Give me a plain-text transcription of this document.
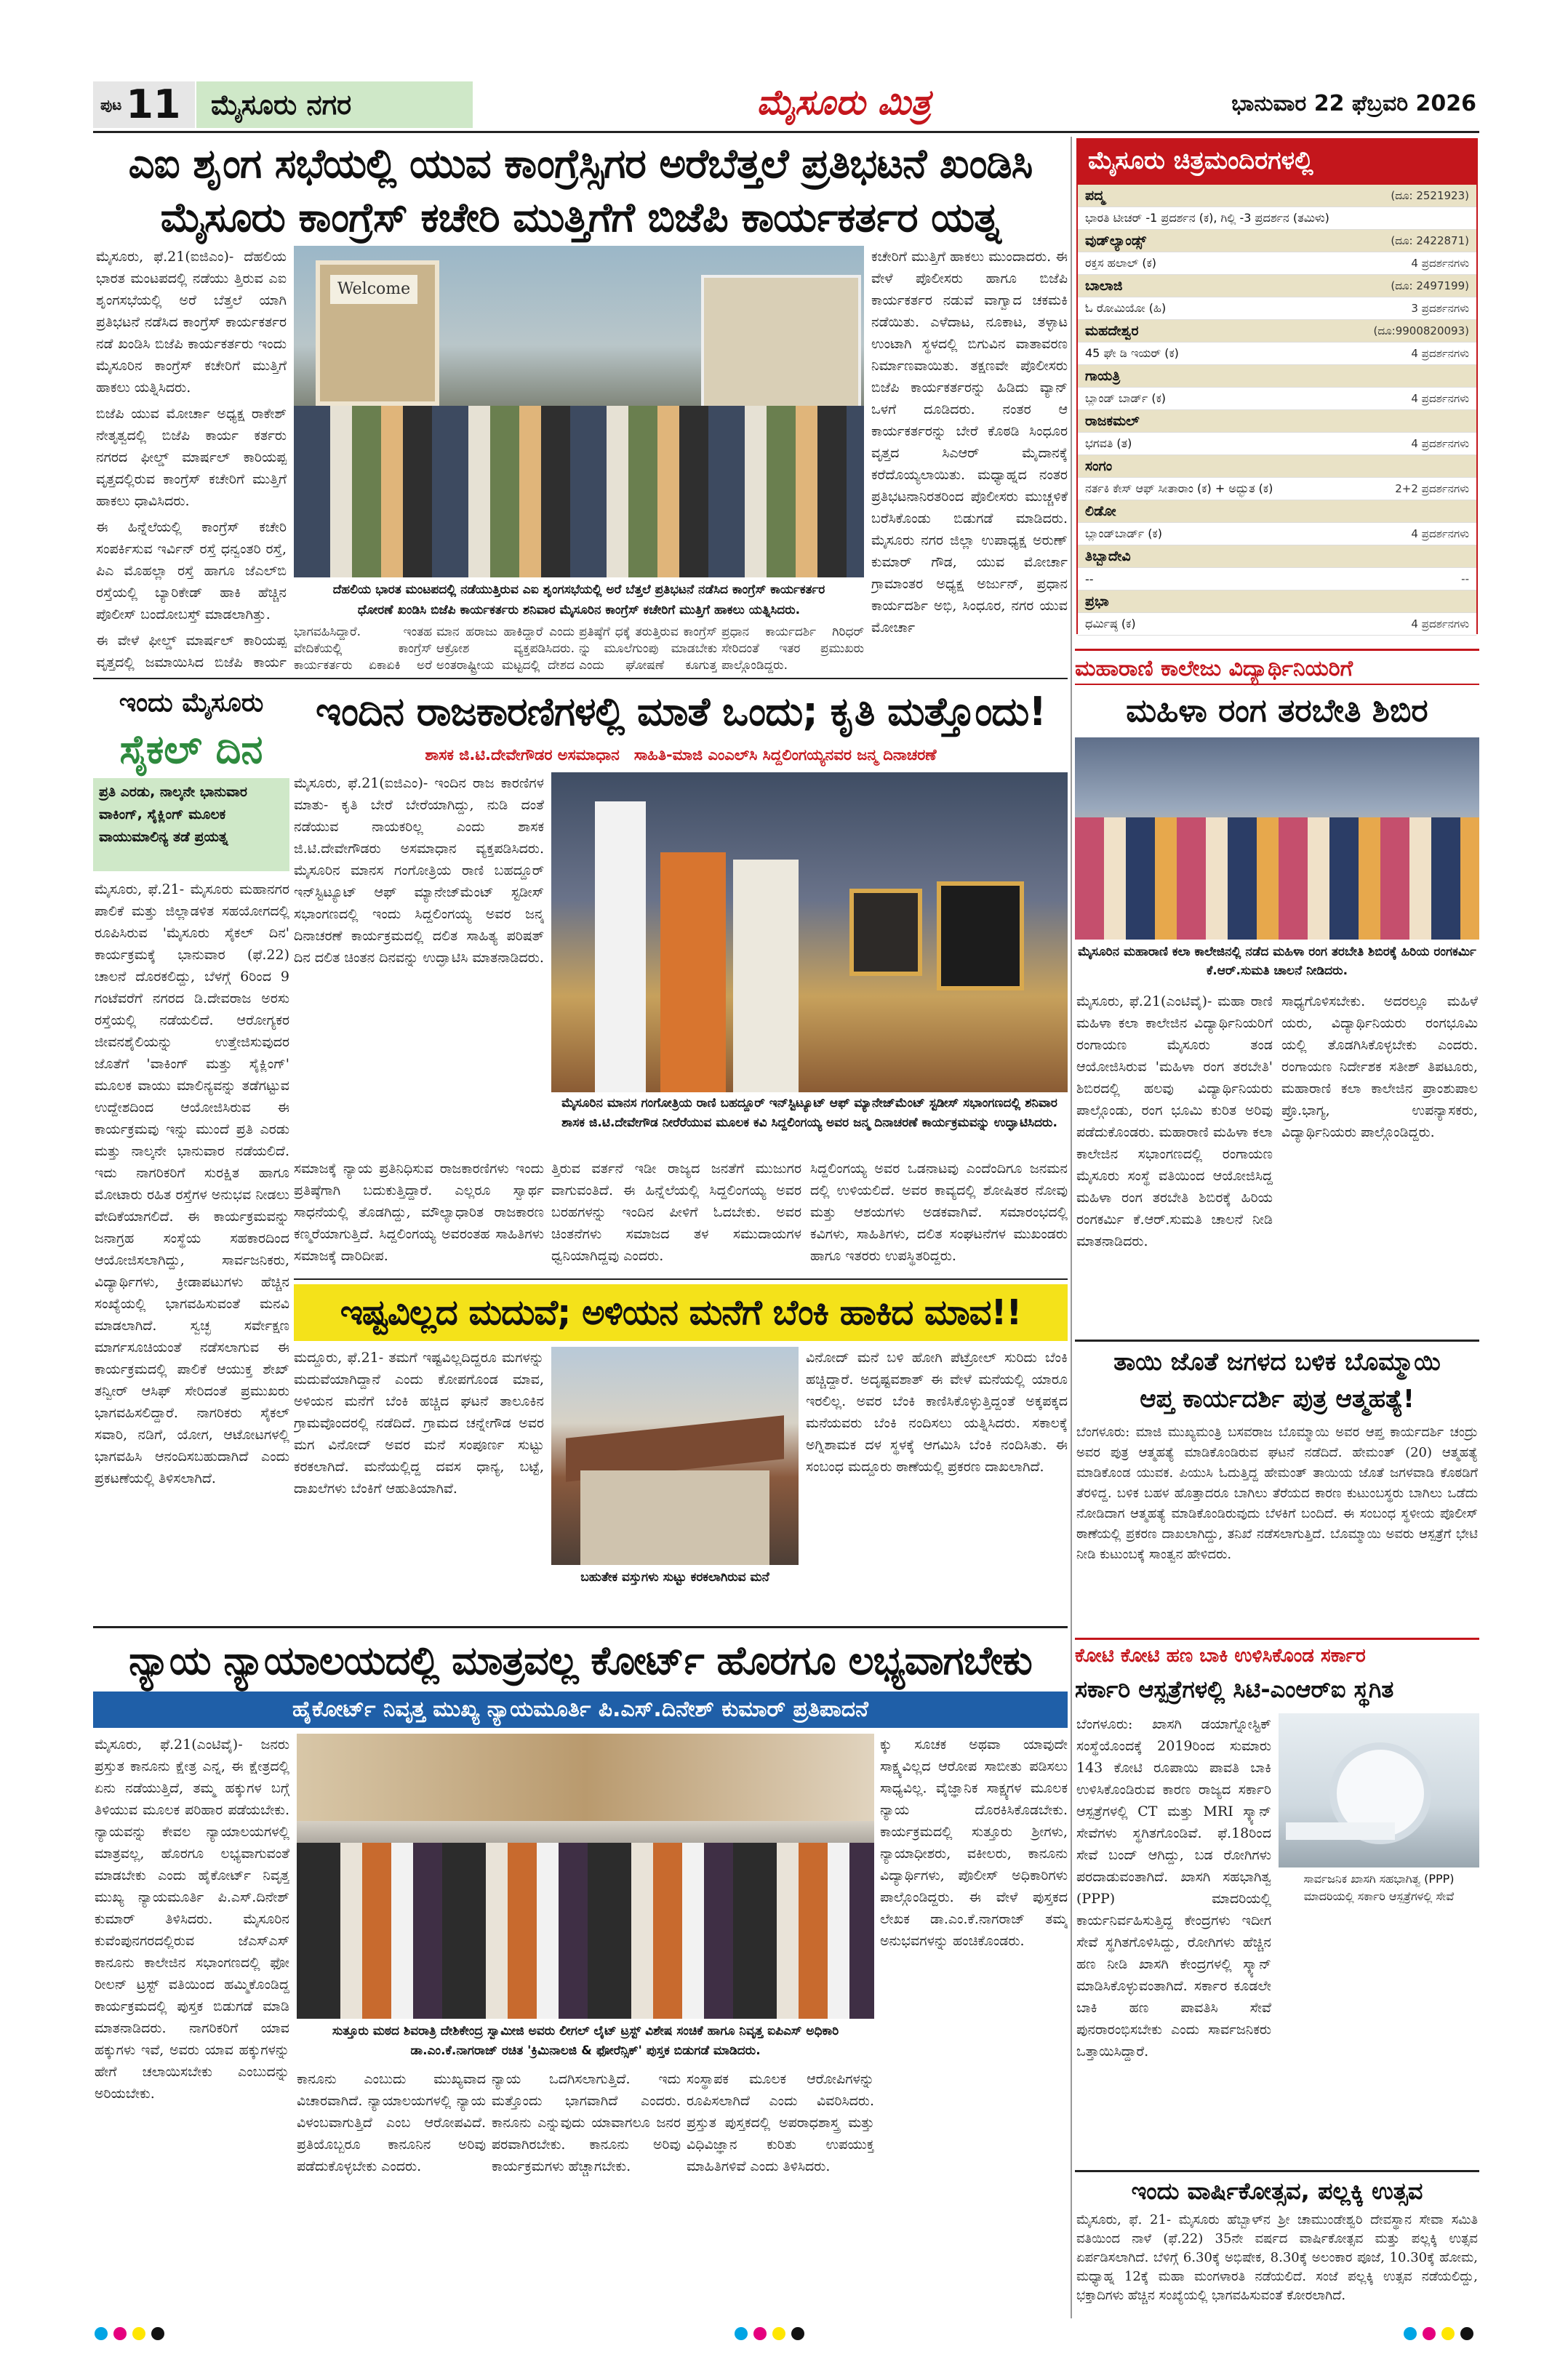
ಪುಟ 11	ಮೈಸೂರು ನಗರ	ಮೈಸೂರು ಮಿತ್ರ	ಭಾನುವಾರ 22 ಫೆಬ್ರವರಿ 2026
ಎಐ ಶೃಂಗ ಸಭೆಯಲ್ಲಿ ಯುವ ಕಾಂಗ್ರೆಸ್ಸಿಗರ ಅರೆಬೆತ್ತಲೆ ಪ್ರತಿಭಟನೆ ಖಂಡಿಸಿ
ಮೈಸೂರು ಕಾಂಗ್ರೆಸ್ ಕಚೇರಿ ಮುತ್ತಿಗೆಗೆ ಬಿಜೆಪಿ ಕಾರ್ಯಕರ್ತರ ಯತ್ನ

ಮೈಸೂರು, ಫೆ.21(ಐಜಿಎಂ)- ದೆಹಲಿಯ ಭಾರತ ಮಂಟಪದಲ್ಲಿ ನಡೆಯು ತ್ತಿರುವ ಎಐ ಶೃಂಗಸಭೆಯಲ್ಲಿ ಅರೆ ಬೆತ್ತಲೆ ಯಾಗಿ ಪ್ರತಿಭಟನೆ ನಡೆಸಿದ ಕಾಂಗ್ರೆಸ್ ಕಾರ್ಯಕರ್ತರ ನಡೆ ಖಂಡಿಸಿ ಬಿಜೆಪಿ ಕಾರ್ಯಕರ್ತರು ಇಂದು ಮೈಸೂರಿನ ಕಾಂಗ್ರೆಸ್ ಕಚೇರಿಗೆ ಮುತ್ತಿಗೆ ಹಾಕಲು ಯತ್ನಿಸಿದರು.

ಬಿಜೆಪಿ ಯುವ ಮೋರ್ಚಾ ಅಧ್ಯಕ್ಷ ರಾಕೇಶ್ ನೇತೃತ್ವದಲ್ಲಿ ಬಿಜೆಪಿ ಕಾರ್ಯ ಕರ್ತರು ನಗರದ ಫೀಲ್ಡ್ ಮಾರ್ಷಲ್ ಕಾರಿಯಪ್ಪ ವೃತ್ತದಲ್ಲಿರುವ ಕಾಂಗ್ರೆಸ್ ಕಚೇರಿಗೆ ಮುತ್ತಿಗೆ ಹಾಕಲು ಧಾವಿಸಿದರು.

ಈ ಹಿನ್ನೆಲೆಯಲ್ಲಿ ಕಾಂಗ್ರೆಸ್ ಕಚೇರಿ ಸಂಪರ್ಕಿಸುವ ಇರ್ವಿನ್ ರಸ್ತೆ ಧನ್ವಂತರಿ ರಸ್ತೆ, ಪಿಎ ಮೊಹಲ್ಲಾ ರಸ್ತೆ ಹಾಗೂ ಜೆಎಲ್‌ಬಿ ರಸ್ತೆಯಲ್ಲಿ ಬ್ಯಾರಿಕೇಡ್ ಹಾಕಿ ಹೆಚ್ಚಿನ ಪೊಲೀಸ್ ಬಂದೋಬಸ್ತ್ ಮಾಡಲಾಗಿತ್ತು.

ಈ ವೇಳೆ ಫೀಲ್ಡ್ ಮಾರ್ಷಲ್ ಕಾರಿಯಪ್ಪ ವೃತ್ತದಲ್ಲಿ ಜಮಾಯಿಸಿದ ಬಿಜೆಪಿ ಕಾರ್ಯ

Welcome
ದೆಹಲಿಯ ಭಾರತ ಮಂಟಪದಲ್ಲಿ ನಡೆಯುತ್ತಿರುವ ಎಐ ಶೃಂಗಸಭೆಯಲ್ಲಿ ಅರೆ ಬೆತ್ತಲೆ ಪ್ರತಿಭಟನೆ ನಡೆಸಿದ ಕಾಂಗ್ರೆಸ್ ಕಾರ್ಯಕರ್ತರ
ಧೋರಣೆ ಖಂಡಿಸಿ ಬಿಜೆಪಿ ಕಾರ್ಯಕರ್ತರು ಶನಿವಾರ ಮೈಸೂರಿನ ಕಾಂಗ್ರೆಸ್ ಕಚೇರಿಗೆ ಮುತ್ತಿಗೆ ಹಾಕಲು ಯತ್ನಿಸಿದರು.
ಭಾಗವಹಿಸಿದ್ದಾರೆ. ಇಂತಹ ವೇದಿಕೆಯಲ್ಲಿ ಕಾಂಗ್ರೆಸ್ ಕಾರ್ಯಕರ್ತರು ಏಕಾಏಕಿ ಅರೆ
ಮಾನ ಹರಾಜು ಹಾಕಿದ್ದಾರೆ ಎಂದು ಆಕ್ರೋಶ ವ್ಯಕ್ತಪಡಿಸಿದರು. ಅಂತರಾಷ್ಟ್ರೀಯ ಮಟ್ಟದಲ್ಲಿ ದೇಶದ
ಪ್ರತಿಷ್ಠೆಗೆ ಧಕ್ಕೆ ತರುತ್ತಿರುವ ಕಾಂಗ್ರೆಸ್ ನ್ನು ಮೂಲೆಗುಂಪು ಮಾಡಬೇಕು ಎಂದು ಘೋಷಣೆ ಕೂಗುತ್ತ
ಪ್ರಧಾನ ಕಾರ್ಯದರ್ಶಿ ಗಿರಿಧರ್ ಸೇರಿದಂತೆ ಇತರ ಪ್ರಮುಖರು ಪಾಲ್ಗೊಂಡಿದ್ದರು.
ಕಚೇರಿಗೆ ಮುತ್ತಿಗೆ ಹಾಕಲು ಮುಂದಾದರು. ಈ ವೇಳೆ ಪೊಲೀಸರು ಹಾಗೂ ಬಿಜೆಪಿ ಕಾರ್ಯಕರ್ತರ ನಡುವೆ ವಾಗ್ವಾದ ಚಕಮಕಿ ನಡೆಯಿತು. ಎಳೆದಾಟ, ನೂಕಾಟ, ತಳ್ಳಾಟ ಉಂಟಾಗಿ ಸ್ಥಳದಲ್ಲಿ ಬಿಗುವಿನ ವಾತಾವರಣ ನಿರ್ಮಾಣವಾಯಿತು. ತಕ್ಷಣವೇ ಪೊಲೀಸರು ಬಿಜೆಪಿ ಕಾರ್ಯಕರ್ತರನ್ನು ಹಿಡಿದು ವ್ಯಾನ್ ಒಳಗೆ ದೂಡಿದರು. ನಂತರ ಆ ಕಾರ್ಯಕರ್ತರನ್ನು ಬೇರೆ ಕೊಠಡಿ ಸಿಂಧೂರ ವೃತ್ತದ ಸಿಎಆರ್ ಮೈದಾನಕ್ಕೆ ಕರೆದೊಯ್ಯಲಾಯಿತು. ಮಧ್ಯಾಹ್ನದ ನಂತರ ಪ್ರತಿಭಟನಾನಿರತರಿಂದ ಪೊಲೀಸರು ಮುಚ್ಚಳಿಕೆ ಬರೆಸಿಕೊಂಡು ಬಿಡುಗಡೆ ಮಾಡಿದರು. ಮೈಸೂರು ನಗರ ಜಿಲ್ಲಾ ಉಪಾಧ್ಯಕ್ಷ ಅರುಣ್ ಕುಮಾರ್ ಗೌಡ, ಯುವ ಮೋರ್ಚಾ ಗ್ರಾಮಾಂತರ ಅಧ್ಯಕ್ಷ ಅರ್ಜುನ್, ಪ್ರಧಾನ ಕಾರ್ಯದರ್ಶಿ ಅಭಿ, ಸಿಂಧೂರ, ನಗರ ಯುವ ಮೋರ್ಚಾ
ಮೈಸೂರು ಚಿತ್ರಮಂದಿರಗಳಲ್ಲಿ
ಪದ್ಮ	(ದೂ: 2521923)
ಭಾರತಿ ಟೀಚರ್ -1 ಪ್ರದರ್ಶನ (ಕ), ಗಿಲ್ಲಿ -3 ಪ್ರದರ್ಶನ (ತಮಿಳು)
ವುಡ್‌ಲ್ಯಾಂಡ್ಸ್	(ದೂ: 2422871)
ರಕ್ತಸ ಹಲಾಲ್ (ಕ)	4 ಪ್ರದರ್ಶನಗಳು
ಬಾಲಾಜಿ	(ದೂ: 2497199)
ಓ ರೋಮಿಯೋ (ಹಿ)	3 ಪ್ರದರ್ಶನಗಳು
ಮಹದೇಶ್ವರ	(ದೂ:9900820093)
45 ಘೇ ಡಿ ಇಯರ್ (ಕ)	4 ಪ್ರದರ್ಶನಗಳು
ಗಾಯತ್ರಿ
ಬ್ಲಾಂಡ್ ಬಾರ್ಡ್ (ಕ)	4 ಪ್ರದರ್ಶನಗಳು
ರಾಜಕಮಲ್
ಭಗವತಿ (ತ)	4 ಪ್ರದರ್ಶನಗಳು
ಸಂಗಂ
ನರ್ತಕಿ ಕೇಸ್ ಆಫ್ ಸೀತಾರಾಂ (ಕ) + ಅದ್ಭುತ (ಕ)	2+2 ಪ್ರದರ್ಶನಗಳು
ಲಿಡೋ
ಬ್ಲಾಂಡ್‌ಬಾರ್ಡ್ (ಕ)	4 ಪ್ರದರ್ಶನಗಳು
ತಿಬ್ಬಾದೇವಿ
--	--
ಪ್ರಭಾ
ಧರ್ಮಿಷ್ಠ (ಕ)	4 ಪ್ರದರ್ಶನಗಳು
ಮಹಾರಾಣಿ ಕಾಲೇಜು ವಿದ್ಯಾರ್ಥಿನಿಯರಿಗೆ
ಮಹಿಳಾ ರಂಗ ತರಬೇತಿ ಶಿಬಿರ
ಮೈಸೂರಿನ ಮಹಾರಾಣಿ ಕಲಾ ಕಾಲೇಜಿನಲ್ಲಿ ನಡೆದ ಮಹಿಳಾ ರಂಗ ತರಬೇತಿ ಶಿಬಿರಕ್ಕೆ ಹಿರಿಯ ರಂಗಕರ್ಮಿ ಕೆ.ಆರ್.ಸುಮತಿ ಚಾಲನೆ ನೀಡಿದರು.
ಮೈಸೂರು, ಫೆ.21(ಎಂಟಿವೈ)- ಮಹಾ ರಾಣಿ ಮಹಿಳಾ ಕಲಾ ಕಾಲೇಜಿನ ವಿದ್ಯಾರ್ಥಿನಿಯರಿಗೆ ರಂಗಾಯಣ ಮೈಸೂರು ತಂಡ ಆಯೋಜಿಸಿರುವ 'ಮಹಿಳಾ ರಂಗ ತರಬೇತಿ' ಶಿಬಿರದಲ್ಲಿ ಹಲವು ವಿದ್ಯಾರ್ಥಿನಿಯರು ಪಾಲ್ಗೊಂಡು, ರಂಗ ಭೂಮಿ ಕುರಿತ ಅರಿವು ಪಡೆದುಕೊಂಡರು. ಮಹಾರಾಣಿ ಮಹಿಳಾ ಕಲಾ ಕಾಲೇಜಿನ ಸಭಾಂಗಣದಲ್ಲಿ ರಂಗಾಯಣ ಮೈಸೂರು ಸಂಸ್ಥೆ ವತಿಯಿಂದ ಆಯೋಜಿಸಿದ್ದ ಮಹಿಳಾ ರಂಗ ತರಬೇತಿ ಶಿಬಿರಕ್ಕೆ ಹಿರಿಯ ರಂಗಕರ್ಮಿ ಕೆ.ಆರ್.ಸುಮತಿ ಚಾಲನೆ ನೀಡಿ ಮಾತನಾಡಿದರು.
ಸಾಧ್ಯಗೊಳಿಸಬೇಕು. ಅದರಲ್ಲೂ ಮಹಿಳೆ ಯರು, ವಿದ್ಯಾರ್ಥಿನಿಯರು ರಂಗಭೂಮಿ ಯಲ್ಲಿ ತೊಡಗಿಸಿಕೊಳ್ಳಬೇಕು ಎಂದರು. ರಂಗಾಯಣ ನಿರ್ದೇಶಕ ಸತೀಶ್ ತಿಪಟೂರು, ಮಹಾರಾಣಿ ಕಲಾ ಕಾಲೇಜಿನ ಪ್ರಾಂಶುಪಾಲ ಪ್ರೊ.ಭಾಗ್ಯ, ಉಪನ್ಯಾಸಕರು, ವಿದ್ಯಾರ್ಥಿನಿಯರು ಪಾಲ್ಗೊಂಡಿದ್ದರು.
ಇಂದು ಮೈಸೂರು
ಸೈಕಲ್ ದಿನ
ಪ್ರತಿ ಎರಡು, ನಾಲ್ಕನೇ ಭಾನುವಾರ ವಾಕಿಂಗ್, ಸೈಕ್ಲಿಂಗ್ ಮೂಲಕ ವಾಯುಮಾಲಿನ್ಯ ತಡೆ ಪ್ರಯತ್ನ
ಮೈಸೂರು, ಫೆ.21- ಮೈಸೂರು ಮಹಾನಗರ ಪಾಲಿಕೆ ಮತ್ತು ಜಿಲ್ಲಾಡಳಿತ ಸಹಯೋಗದಲ್ಲಿ ರೂಪಿಸಿರುವ 'ಮೈಸೂರು ಸೈಕಲ್ ದಿನ' ಕಾರ್ಯಕ್ರಮಕ್ಕೆ ಭಾನುವಾರ (ಫೆ.22) ಚಾಲನೆ ದೊರಕಲಿದ್ದು, ಬೆಳಗ್ಗೆ 6ರಿಂದ 9 ಗಂಟೆವರೆಗೆ ನಗರದ ಡಿ.ದೇವರಾಜ ಅರಸು ರಸ್ತೆಯಲ್ಲಿ ನಡೆಯಲಿದೆ. ಆರೋಗ್ಯಕರ ಜೀವನಶೈಲಿಯನ್ನು ಉತ್ತೇಜಿಸುವುದರ ಜೊತೆಗೆ 'ವಾಕಿಂಗ್ ಮತ್ತು ಸೈಕ್ಲಿಂಗ್' ಮೂಲಕ ವಾಯು ಮಾಲಿನ್ಯವನ್ನು ತಡೆಗಟ್ಟುವ ಉದ್ದೇಶದಿಂದ ಆಯೋಜಿಸಿರುವ ಈ ಕಾರ್ಯಕ್ರಮವು ಇನ್ನು ಮುಂದೆ ಪ್ರತಿ ಎರಡು ಮತ್ತು ನಾಲ್ಕನೇ ಭಾನುವಾರ ನಡೆಯಲಿದೆ. ಇದು ನಾಗರಿಕರಿಗೆ ಸುರಕ್ಷಿತ ಹಾಗೂ ಮೋಟಾರು ರಹಿತ ರಸ್ತೆಗಳ ಅನುಭವ ನೀಡಲು ವೇದಿಕೆಯಾಗಲಿದೆ. ಈ ಕಾರ್ಯಕ್ರಮವನ್ನು ಜನಾಗ್ರಹ ಸಂಸ್ಥೆಯ ಸಹಕಾರದಿಂದ ಆಯೋಜಿಸಲಾಗಿದ್ದು, ಸಾರ್ವಜನಿಕರು, ವಿದ್ಯಾರ್ಥಿಗಳು, ಕ್ರೀಡಾಪಟುಗಳು ಹೆಚ್ಚಿನ ಸಂಖ್ಯೆಯಲ್ಲಿ ಭಾಗವಹಿಸುವಂತೆ ಮನವಿ ಮಾಡಲಾಗಿದೆ. ಸ್ವಚ್ಛ ಸರ್ವೇಕ್ಷಣ ಮಾರ್ಗಸೂಚಿಯಂತೆ ನಡೆಸಲಾಗುವ ಈ ಕಾರ್ಯಕ್ರಮದಲ್ಲಿ ಪಾಲಿಕೆ ಆಯುಕ್ತ ಶೇಖ್ ತನ್ವೀರ್ ಆಸಿಫ್ ಸೇರಿದಂತೆ ಪ್ರಮುಖರು ಭಾಗವಹಿಸಲಿದ್ದಾರೆ. ನಾಗರಿಕರು ಸೈಕಲ್ ಸವಾರಿ, ನಡಿಗೆ, ಯೋಗ, ಆಟೋಟಗಳಲ್ಲಿ ಭಾಗವಹಿಸಿ ಆನಂದಿಸಬಹುದಾಗಿದೆ ಎಂದು ಪ್ರಕಟಣೆಯಲ್ಲಿ ತಿಳಿಸಲಾಗಿದೆ.
ಇಂದಿನ ರಾಜಕಾರಣಿಗಳಲ್ಲಿ ಮಾತೆ ಒಂದು; ಕೃತಿ ಮತ್ತೊಂದು!
ಶಾಸಕ ಜಿ.ಟಿ.ದೇವೇಗೌಡರ ಅಸಮಾಧಾನ ಸಾಹಿತಿ-ಮಾಜಿ ಎಂಎಲ್‌ಸಿ ಸಿದ್ದಲಿಂಗಯ್ಯನವರ ಜನ್ಮ ದಿನಾಚರಣೆ
ಮೈಸೂರು, ಫೆ.21(ಐಜಿಎಂ)- ಇಂದಿನ ರಾಜ ಕಾರಣಿಗಳ ಮಾತು- ಕೃತಿ ಬೇರೆ ಬೇರೆಯಾಗಿದ್ದು, ನುಡಿ ದಂತೆ ನಡೆಯುವ ನಾಯಕರಿಲ್ಲ ಎಂದು ಶಾಸಕ ಜಿ.ಟಿ.ದೇವೇಗೌಡರು ಅಸಮಾಧಾನ ವ್ಯಕ್ತಪಡಿಸಿದರು. ಮೈಸೂರಿನ ಮಾನಸ ಗಂಗೋತ್ರಿಯ ರಾಣಿ ಬಹದ್ದೂರ್ ಇನ್‌ಸ್ಟಿಟ್ಯೂಟ್ ಆಫ್ ಮ್ಯಾನೇಜ್‌ಮೆಂಟ್ ಸ್ಟಡೀಸ್ ಸಭಾಂಗಣದಲ್ಲಿ ಇಂದು ಸಿದ್ದಲಿಂಗಯ್ಯ ಅವರ ಜನ್ಮ ದಿನಾಚರಣೆ ಕಾರ್ಯಕ್ರಮದಲ್ಲಿ ದಲಿತ ಸಾಹಿತ್ಯ ಪರಿಷತ್ ದಿನ ದಲಿತ ಚಿಂತನ ದಿನವನ್ನು ಉದ್ಘಾಟಿಸಿ ಮಾತನಾಡಿದರು.
ಮೈಸೂರಿನ ಮಾನಸ ಗಂಗೋತ್ರಿಯ ರಾಣಿ ಬಹದ್ದೂರ್ ಇನ್‌ಸ್ಟಿಟ್ಯೂಟ್ ಆಫ್ ಮ್ಯಾನೇಜ್‌ಮೆಂಟ್ ಸ್ಟಡೀಸ್ ಸಭಾಂಗಣದಲ್ಲಿ ಶನಿವಾರ ಶಾಸಕ ಜಿ.ಟಿ.ದೇವೇಗೌಡ ನೀರೆರೆಯುವ ಮೂಲಕ ಕವಿ ಸಿದ್ದಲಿಂಗಯ್ಯ ಅವರ ಜನ್ಮ ದಿನಾಚರಣೆ ಕಾರ್ಯಕ್ರಮವನ್ನು ಉದ್ಘಾಟಿಸಿದರು.
ಸಮಾಜಕ್ಕೆ ನ್ಯಾಯ ಪ್ರತಿನಿಧಿಸುವ ರಾಜಕಾರಣಿಗಳು ಇಂದು ಪ್ರತಿಷ್ಠೆಗಾಗಿ ಬದುಕುತ್ತಿದ್ದಾರೆ. ಎಲ್ಲರೂ ಸ್ವಾರ್ಥ ಸಾಧನೆಯಲ್ಲಿ ತೊಡಗಿದ್ದು, ಮೌಲ್ಯಾಧಾರಿತ ರಾಜಕಾರಣ ಕಣ್ಮರೆಯಾಗುತ್ತಿದೆ. ಸಿದ್ದಲಿಂಗಯ್ಯ ಅವರಂತಹ ಸಾಹಿತಿಗಳು ಸಮಾಜಕ್ಕೆ ದಾರಿದೀಪ.
ತ್ತಿರುವ ವರ್ತನೆ ಇಡೀ ರಾಜ್ಯದ ಜನತೆಗೆ ಮುಜುಗರ ವಾಗುವಂತಿದೆ. ಈ ಹಿನ್ನೆಲೆಯಲ್ಲಿ ಸಿದ್ದಲಿಂಗಯ್ಯ ಅವರ ಬರಹಗಳನ್ನು ಇಂದಿನ ಪೀಳಿಗೆ ಓದಬೇಕು. ಅವರ ಚಿಂತನೆಗಳು ಸಮಾಜದ ತಳ ಸಮುದಾಯಗಳ ಧ್ವನಿಯಾಗಿದ್ದವು ಎಂದರು.
ಸಿದ್ದಲಿಂಗಯ್ಯ ಅವರ ಒಡನಾಟವು ಎಂದೆಂದಿಗೂ ಜನಮನ ದಲ್ಲಿ ಉಳಿಯಲಿದೆ. ಅವರ ಕಾವ್ಯದಲ್ಲಿ ಶೋಷಿತರ ನೋವು ಮತ್ತು ಆಶಯಗಳು ಅಡಕವಾಗಿವೆ. ಸಮಾರಂಭದಲ್ಲಿ ಕವಿಗಳು, ಸಾಹಿತಿಗಳು, ದಲಿತ ಸಂಘಟನೆಗಳ ಮುಖಂಡರು ಹಾಗೂ ಇತರರು ಉಪಸ್ಥಿತರಿದ್ದರು.
ಇಷ್ಟವಿಲ್ಲದ ಮದುವೆ; ಅಳಿಯನ ಮನೆಗೆ ಬೆಂಕಿ ಹಾಕಿದ ಮಾವ!!
ಮದ್ದೂರು, ಫೆ.21- ತಮಗೆ ಇಷ್ಟವಿಲ್ಲದಿದ್ದರೂ ಮಗಳನ್ನು ಮದುವೆಯಾಗಿದ್ದಾನೆ ಎಂದು ಕೋಪಗೊಂಡ ಮಾವ, ಅಳಿಯನ ಮನೆಗೆ ಬೆಂಕಿ ಹಚ್ಚಿದ ಘಟನೆ ತಾಲೂಕಿನ ಗ್ರಾಮವೊಂದರಲ್ಲಿ ನಡೆದಿದೆ. ಗ್ರಾಮದ ಚನ್ನೇಗೌಡ ಅವರ ಮಗ ವಿನೋದ್ ಅವರ ಮನೆ ಸಂಪೂರ್ಣ ಸುಟ್ಟು ಕರಕಲಾಗಿದೆ. ಮನೆಯಲ್ಲಿದ್ದ ದವಸ ಧಾನ್ಯ, ಬಟ್ಟೆ, ದಾಖಲೆಗಳು ಬೆಂಕಿಗೆ ಆಹುತಿಯಾಗಿವೆ.
ಬಹುತೇಕ ವಸ್ತುಗಳು ಸುಟ್ಟು ಕರಕಲಾಗಿರುವ ಮನೆ
ವಿನೋದ್ ಮನೆ ಬಳಿ ಹೋಗಿ ಪೆಟ್ರೋಲ್ ಸುರಿದು ಬೆಂಕಿ ಹಚ್ಚಿದ್ದಾರೆ. ಅದೃಷ್ಟವಶಾತ್ ಈ ವೇಳೆ ಮನೆಯಲ್ಲಿ ಯಾರೂ ಇರಲಿಲ್ಲ. ಅವರ ಬೆಂಕಿ ಕಾಣಿಸಿಕೊಳ್ಳುತ್ತಿದ್ದಂತೆ ಅಕ್ಕಪಕ್ಕದ ಮನೆಯವರು ಬೆಂಕಿ ನಂದಿಸಲು ಯತ್ನಿಸಿದರು. ಸಕಾಲಕ್ಕೆ ಅಗ್ನಿಶಾಮಕ ದಳ ಸ್ಥಳಕ್ಕೆ ಆಗಮಿಸಿ ಬೆಂಕಿ ನಂದಿಸಿತು. ಈ ಸಂಬಂಧ ಮದ್ದೂರು ಠಾಣೆಯಲ್ಲಿ ಪ್ರಕರಣ ದಾಖಲಾಗಿದೆ.
ತಾಯಿ ಜೊತೆ ಜಗಳದ ಬಳಿಕ ಬೊಮ್ಮಾಯಿ
ಆಪ್ತ ಕಾರ್ಯದರ್ಶಿ ಪುತ್ರ ಆತ್ಮಹತ್ಯೆ!
ಬೆಂಗಳೂರು: ಮಾಜಿ ಮುಖ್ಯಮಂತ್ರಿ ಬಸವರಾಜ ಬೊಮ್ಮಾಯಿ ಅವರ ಆಪ್ತ ಕಾರ್ಯದರ್ಶಿ ಚಂದ್ರು ಅವರ ಪುತ್ರ ಆತ್ಮಹತ್ಯೆ ಮಾಡಿಕೊಂಡಿರುವ ಘಟನೆ ನಡೆದಿದೆ. ಹೇಮಂತ್ (20) ಆತ್ಮಹತ್ಯೆ ಮಾಡಿಕೊಂಡ ಯುವಕ. ಪಿಯುಸಿ ಓದುತ್ತಿದ್ದ ಹೇಮಂತ್ ತಾಯಿಯ ಜೊತೆ ಜಗಳವಾಡಿ ಕೊಠಡಿಗೆ ತೆರಳಿದ್ದ. ಬಳಿಕ ಬಹಳ ಹೊತ್ತಾದರೂ ಬಾಗಿಲು ತೆರೆಯದ ಕಾರಣ ಕುಟುಂಬಸ್ಥರು ಬಾಗಿಲು ಒಡೆದು ನೋಡಿದಾಗ ಆತ್ಮಹತ್ಯೆ ಮಾಡಿಕೊಂಡಿರುವುದು ಬೆಳಕಿಗೆ ಬಂದಿದೆ. ಈ ಸಂಬಂಧ ಸ್ಥಳೀಯ ಪೊಲೀಸ್ ಠಾಣೆಯಲ್ಲಿ ಪ್ರಕರಣ ದಾಖಲಾಗಿದ್ದು, ತನಿಖೆ ನಡೆಸಲಾಗುತ್ತಿದೆ. ಬೊಮ್ಮಾಯಿ ಅವರು ಆಸ್ಪತ್ರೆಗೆ ಭೇಟಿ ನೀಡಿ ಕುಟುಂಬಕ್ಕೆ ಸಾಂತ್ವನ ಹೇಳಿದರು.
ಕೋಟಿ ಕೋಟಿ ಹಣ ಬಾಕಿ ಉಳಿಸಿಕೊಂಡ ಸರ್ಕಾರ
ಸರ್ಕಾರಿ ಆಸ್ಪತ್ರೆಗಳಲ್ಲಿ ಸಿಟಿ-ಎಂಆರ್‌ಐ ಸ್ಥಗಿತ
ಬೆಂಗಳೂರು: ಖಾಸಗಿ ಡಯಾಗ್ನೋಸ್ಟಿಕ್ ಸಂಸ್ಥೆಯೊಂದಕ್ಕೆ 2019ರಿಂದ ಸುಮಾರು 143 ಕೋಟಿ ರೂಪಾಯಿ ಪಾವತಿ ಬಾಕಿ ಉಳಿಸಿಕೊಂಡಿರುವ ಕಾರಣ ರಾಜ್ಯದ ಸರ್ಕಾರಿ ಆಸ್ಪತ್ರೆಗಳಲ್ಲಿ CT ಮತ್ತು MRI ಸ್ಕ್ಯಾನ್ ಸೇವೆಗಳು ಸ್ಥಗಿತಗೊಂಡಿವೆ. ಫೆ.18ರಿಂದ ಸೇವೆ ಬಂದ್ ಆಗಿದ್ದು, ಬಡ ರೋಗಿಗಳು ಪರದಾಡುವಂತಾಗಿದೆ. ಖಾಸಗಿ ಸಹಭಾಗಿತ್ವ (PPP) ಮಾದರಿಯಲ್ಲಿ ಕಾರ್ಯನಿರ್ವಹಿಸುತ್ತಿದ್ದ ಕೇಂದ್ರಗಳು ಇದೀಗ ಸೇವೆ ಸ್ಥಗಿತಗೊಳಿಸಿದ್ದು, ರೋಗಿಗಳು ಹೆಚ್ಚಿನ ಹಣ ನೀಡಿ ಖಾಸಗಿ ಕೇಂದ್ರಗಳಲ್ಲಿ ಸ್ಕ್ಯಾನ್ ಮಾಡಿಸಿಕೊಳ್ಳುವಂತಾಗಿದೆ. ಸರ್ಕಾರ ಕೂಡಲೇ ಬಾಕಿ ಹಣ ಪಾವತಿಸಿ ಸೇವೆ ಪುನರಾರಂಭಿಸಬೇಕು ಎಂದು ಸಾರ್ವಜನಿಕರು ಒತ್ತಾಯಿಸಿದ್ದಾರೆ.
ಸಾರ್ವಜನಿಕ ಖಾಸಗಿ ಸಹಭಾಗಿತ್ವ (PPP) ಮಾದರಿಯಲ್ಲಿ ಸರ್ಕಾರಿ ಆಸ್ಪತ್ರೆಗಳಲ್ಲಿ ಸೇವೆ
ಇಂದು ವಾರ್ಷಿಕೋತ್ಸವ, ಪಲ್ಲಕ್ಕಿ ಉತ್ಸವ
ಮೈಸೂರು, ಫೆ. 21- ಮೈಸೂರು ಹೆಬ್ಬಾಳ್‌ನ ಶ್ರೀ ಚಾಮುಂಡೇಶ್ವರಿ ದೇವಸ್ಥಾನ ಸೇವಾ ಸಮಿತಿ ವತಿಯಿಂದ ನಾಳೆ (ಫೆ.22) 35ನೇ ವರ್ಷದ ವಾರ್ಷಿಕೋತ್ಸವ ಮತ್ತು ಪಲ್ಲಕ್ಕಿ ಉತ್ಸವ ಏರ್ಪಡಿಸಲಾಗಿದೆ. ಬೆಳಿಗ್ಗೆ 6.30ಕ್ಕೆ ಅಭಿಷೇಕ, 8.30ಕ್ಕೆ ಅಲಂಕಾರ ಪೂಜೆ, 10.30ಕ್ಕೆ ಹೋಮ, ಮಧ್ಯಾಹ್ನ 12ಕ್ಕೆ ಮಹಾ ಮಂಗಳಾರತಿ ನಡೆಯಲಿದೆ. ಸಂಜೆ ಪಲ್ಲಕ್ಕಿ ಉತ್ಸವ ನಡೆಯಲಿದ್ದು, ಭಕ್ತಾದಿಗಳು ಹೆಚ್ಚಿನ ಸಂಖ್ಯೆಯಲ್ಲಿ ಭಾಗವಹಿಸುವಂತೆ ಕೋರಲಾಗಿದೆ.
ನ್ಯಾಯ ನ್ಯಾಯಾಲಯದಲ್ಲಿ ಮಾತ್ರವಲ್ಲ ಕೋರ್ಟ್ ಹೊರಗೂ ಲಭ್ಯವಾಗಬೇಕು
ಹೈಕೋರ್ಟ್ ನಿವೃತ್ತ ಮುಖ್ಯ ನ್ಯಾಯಮೂರ್ತಿ ಪಿ.ಎಸ್.ದಿನೇಶ್ ಕುಮಾರ್ ಪ್ರತಿಪಾದನೆ
ಮೈಸೂರು, ಫೆ.21(ಎಂಟಿವೈ)- ಜನರು ಪ್ರಸ್ತುತ ಕಾನೂನು ಕ್ಷೇತ್ರ ಎನ್ನ, ಈ ಕ್ಷೇತ್ರದಲ್ಲಿ ಏನು ನಡೆಯುತ್ತಿದೆ, ತಮ್ಮ ಹಕ್ಕುಗಳ ಬಗ್ಗೆ ತಿಳಿಯುವ ಮೂಲಕ ಪರಿಹಾರ ಪಡೆಯಬೇಕು. ನ್ಯಾಯವನ್ನು ಕೇವಲ ನ್ಯಾಯಾಲಯಗಳಲ್ಲಿ ಮಾತ್ರವಲ್ಲ, ಹೊರಗೂ ಲಭ್ಯವಾಗುವಂತೆ ಮಾಡಬೇಕು ಎಂದು ಹೈಕೋರ್ಟ್ ನಿವೃತ್ತ ಮುಖ್ಯ ನ್ಯಾಯಮೂರ್ತಿ ಪಿ.ಎಸ್.ದಿನೇಶ್ ಕುಮಾರ್ ತಿಳಿಸಿದರು. ಮೈಸೂರಿನ ಕುವೆಂಪುನಗರದಲ್ಲಿರುವ ಜೆಎಸ್‌ಎಸ್ ಕಾನೂನು ಕಾಲೇಜಿನ ಸಭಾಂಗಣದಲ್ಲಿ ಫೋ ರೀಲನ್ ಟ್ರಸ್ಟ್ ವತಿಯಿಂದ ಹಮ್ಮಿಕೊಂಡಿದ್ದ ಕಾರ್ಯಕ್ರಮದಲ್ಲಿ ಪುಸ್ತಕ ಬಿಡುಗಡೆ ಮಾಡಿ ಮಾತನಾಡಿದರು. ನಾಗರಿಕರಿಗೆ ಯಾವ ಹಕ್ಕುಗಳು ಇವೆ, ಅವರು ಯಾವ ಹಕ್ಕುಗಳನ್ನು ಹೇಗೆ ಚಲಾಯಿಸಬೇಕು ಎಂಬುದನ್ನು ಅರಿಯಬೇಕು.
ಸುತ್ತೂರು ಮಠದ ಶಿವರಾತ್ರಿ ದೇಶಿಕೇಂದ್ರ ಸ್ವಾಮೀಜಿ ಅವರು ಲೀಗಲ್ ಲೈಟ್ ಟ್ರಸ್ಟ್ ವಿಶೇಷ ಸಂಚಿಕೆ ಹಾಗೂ ನಿವೃತ್ತ ಐಪಿಎಸ್ ಅಧಿಕಾರಿ ಡಾ.ಎಂ.ಕೆ.ನಾಗರಾಜ್ ರಚಿತ 'ಕ್ರಿಮಿನಾಲಜಿ & ಫೋರೆನ್ಸಿಕ್' ಪುಸ್ತಕ ಬಿಡುಗಡೆ ಮಾಡಿದರು.
ಕಾನೂನು ಎಂಬುದು ಮುಖ್ಯವಾದ ವಿಚಾರವಾಗಿದೆ. ನ್ಯಾಯಾಲಯಗಳಲ್ಲಿ ನ್ಯಾಯ ವಿಳಂಬವಾಗುತ್ತಿದೆ ಎಂಬ ಆರೋಪವಿದೆ. ಪ್ರತಿಯೊಬ್ಬರೂ ಕಾನೂನಿನ ಅರಿವು ಪಡೆದುಕೊಳ್ಳಬೇಕು ಎಂದರು.
ನ್ಯಾಯ ಒದಗಿಸಲಾಗುತ್ತಿದೆ. ಇದು ಮತ್ತೊಂದು ಭಾಗವಾಗಿದೆ ಎಂದರು. ಕಾನೂನು ಎನ್ನುವುದು ಯಾವಾಗಲೂ ಜನರ ಪರವಾಗಿರಬೇಕು. ಕಾನೂನು ಅರಿವು ಕಾರ್ಯಕ್ರಮಗಳು ಹೆಚ್ಚಾಗಬೇಕು.
ಸಂಸ್ಥಾಪಕ ಮೂಲಕ ಆರೋಪಿಗಳನ್ನು ರೂಪಿಸಲಾಗಿದೆ ಎಂದು ವಿವರಿಸಿದರು. ಪ್ರಸ್ತುತ ಪುಸ್ತಕದಲ್ಲಿ ಅಪರಾಧಶಾಸ್ತ್ರ ಮತ್ತು ವಿಧಿವಿಜ್ಞಾನ ಕುರಿತು ಉಪಯುಕ್ತ ಮಾಹಿತಿಗಳಿವೆ ಎಂದು ತಿಳಿಸಿದರು.
ಕ್ಕು ಸೂಚಕ ಅಥವಾ ಯಾವುದೇ ಸಾಕ್ಷ್ಯವಿಲ್ಲದ ಆರೋಪ ಸಾಬೀತು ಪಡಿಸಲು ಸಾಧ್ಯವಿಲ್ಲ. ವೈಜ್ಞಾನಿಕ ಸಾಕ್ಷ್ಯಗಳ ಮೂಲಕ ನ್ಯಾಯ ದೊರಕಿಸಿಕೊಡಬೇಕು. ಕಾರ್ಯಕ್ರಮದಲ್ಲಿ ಸುತ್ತೂರು ಶ್ರೀಗಳು, ನ್ಯಾಯಾಧೀಶರು, ವಕೀಲರು, ಕಾನೂನು ವಿದ್ಯಾರ್ಥಿಗಳು, ಪೊಲೀಸ್ ಅಧಿಕಾರಿಗಳು ಪಾಲ್ಗೊಂಡಿದ್ದರು. ಈ ವೇಳೆ ಪುಸ್ತಕದ ಲೇಖಕ ಡಾ.ಎಂ.ಕೆ.ನಾಗರಾಜ್ ತಮ್ಮ ಅನುಭವಗಳನ್ನು ಹಂಚಿಕೊಂಡರು.
